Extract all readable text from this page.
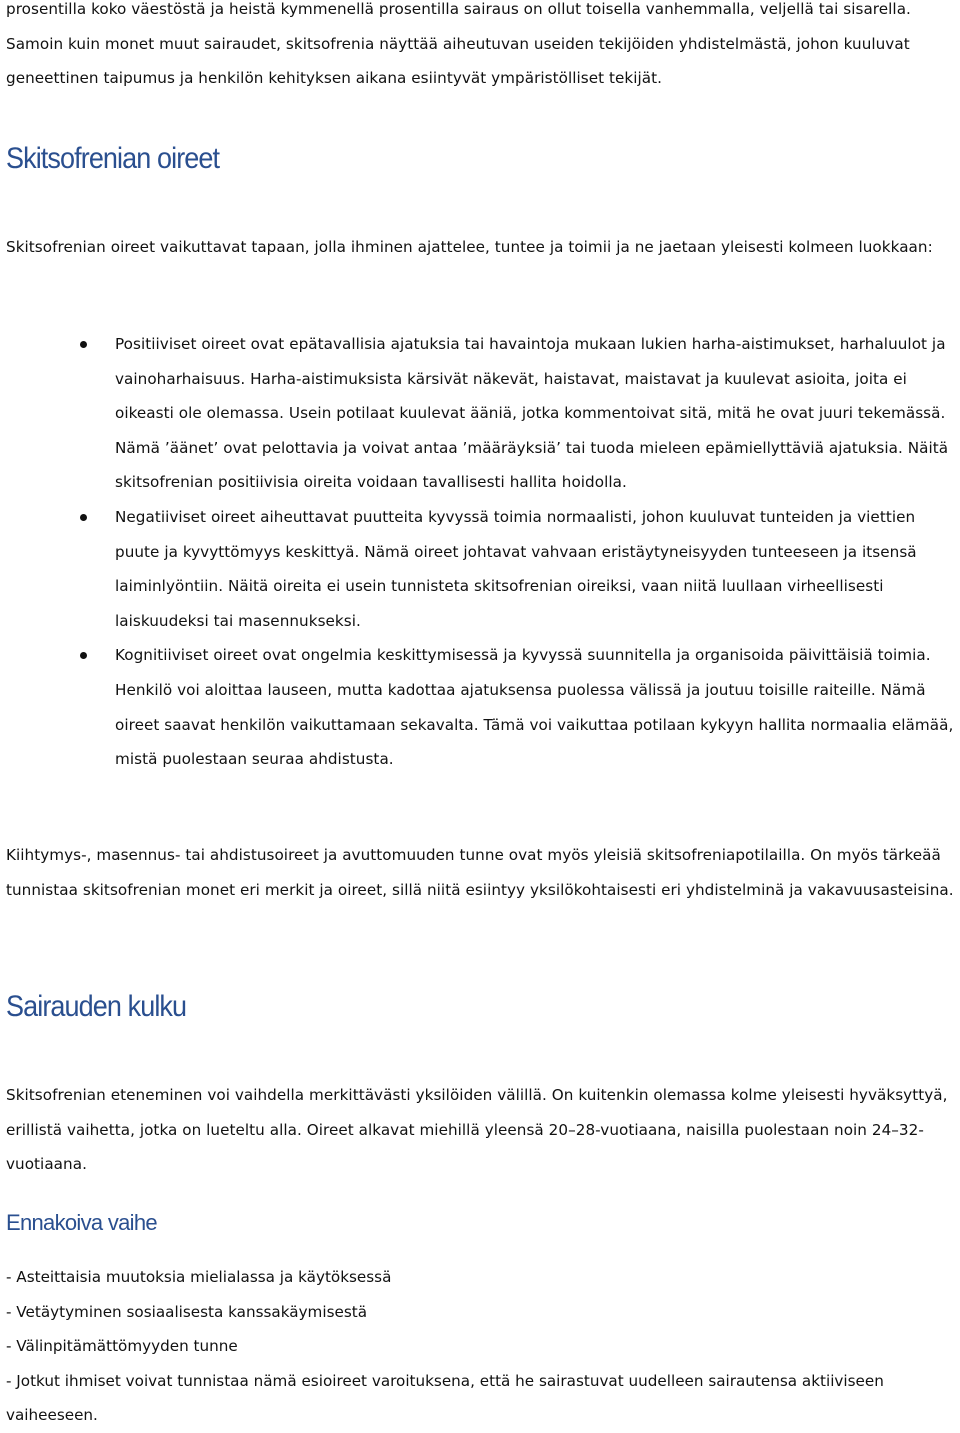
prosentilla koko väestöstä ja heistä kymmenellä prosentilla sairaus on ollut toisella vanhemmalla, veljellä tai sisarella. Samoin kuin monet muut sairaudet, skitsofrenia näyttää aiheutuvan useiden tekijöiden yhdistelmästä, johon kuuluvat geneettinen taipumus ja henkilön kehityksen aikana esiintyvät ympäristölliset tekijät.

Skitsofrenian oireet

Skitsofrenian oireet vaikuttavat tapaan, jolla ihminen ajattelee, tuntee ja toimii ja ne jaetaan yleisesti kolmeen luokkaan:

Positiiviset oireet ovat epätavallisia ajatuksia tai havaintoja mukaan lukien harha-aistimukset, harhaluulot ja vainoharhaisuus. Harha-aistimuksista kärsivät näkevät, haistavat, maistavat ja kuulevat asioita, joita ei oikeasti ole olemassa. Usein potilaat kuulevat ääniä, jotka kommentoivat sitä, mitä he ovat juuri tekemässä. Nämä ’äänet’ ovat pelottavia ja voivat antaa ’määräyksiä’ tai tuoda mieleen epämiellyttäviä ajatuksia. Näitä skitsofrenian positiivisia oireita voidaan tavallisesti hallita hoidolla.

Negatiiviset oireet aiheuttavat puutteita kyvyssä toimia normaalisti, johon kuuluvat tunteiden ja viettien puute ja kyvyttömyys keskittyä. Nämä oireet johtavat vahvaan eristäytyneisyyden tunteeseen ja itsensä laiminlyöntiin. Näitä oireita ei usein tunnisteta skitsofrenian oireiksi, vaan niitä luullaan virheellisesti laiskuudeksi tai masennukseksi.

Kognitiiviset oireet ovat ongelmia keskittymisessä ja kyvyssä suunnitella ja organisoida päivittäisiä toimia. Henkilö voi aloittaa lauseen, mutta kadottaa ajatuksensa puolessa välissä ja joutuu toisille raiteille. Nämä oireet saavat henkilön vaikuttamaan sekavalta. Tämä voi vaikuttaa potilaan kykyyn hallita normaalia elämää, mistä puolestaan seuraa ahdistusta.

Kiihtymys-, masennus- tai ahdistusoireet ja avuttomuuden tunne ovat myös yleisiä skitsofreniapotilailla. On myös tärkeää tunnistaa skitsofrenian monet eri merkit ja oireet, sillä niitä esiintyy yksilökohtaisesti eri yhdistelminä ja vakavuusasteisina.

Sairauden kulku

Skitsofrenian eteneminen voi vaihdella merkittävästi yksilöiden välillä. On kuitenkin olemassa kolme yleisesti hyväksyttyä, erillistä vaihetta, jotka on lueteltu alla. Oireet alkavat miehillä yleensä 20–28-vuotiaana, naisilla puolestaan noin 24–32-vuotiaana.

Ennakoiva vaihe

- Asteittaisia muutoksia mielialassa ja käytöksessä

- Vetäytyminen sosiaalisesta kanssakäymisestä

- Välinpitämättömyyden tunne

- Jotkut ihmiset voivat tunnistaa nämä esioireet varoituksena, että he sairastuvat uudelleen sairautensa aktiiviseen vaiheeseen.
